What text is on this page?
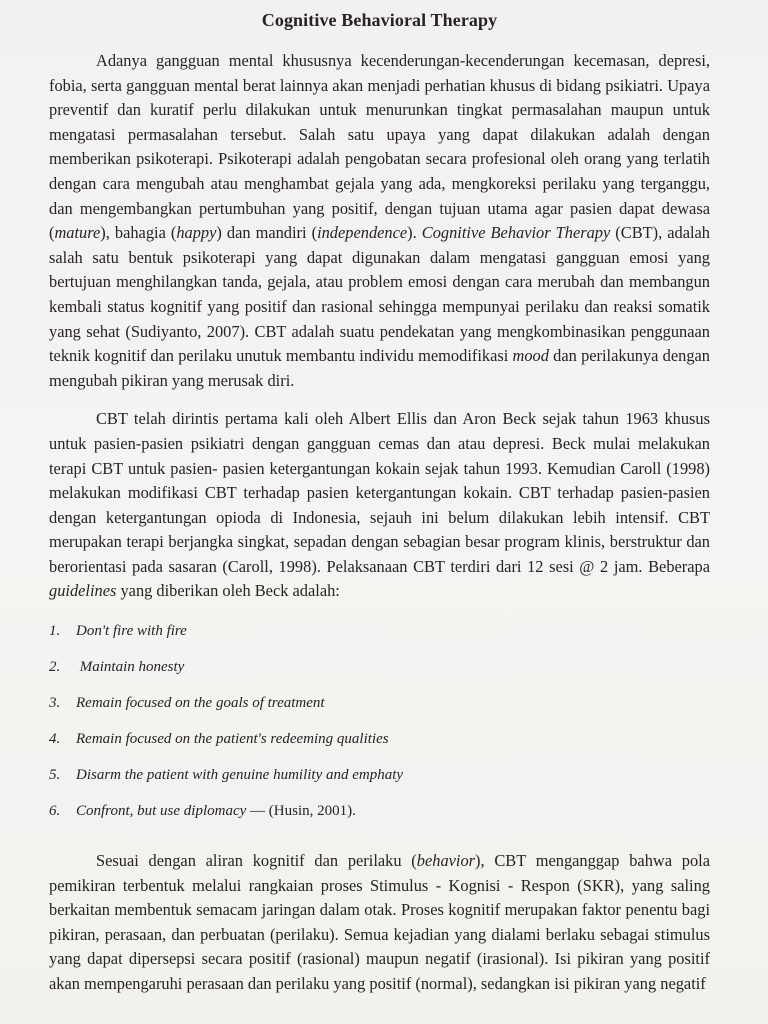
Cognitive Behavioral Therapy

Adanya gangguan mental khususnya kecenderungan-kecenderungan kecemasan, depresi, fobia, serta gangguan mental berat lainnya akan menjadi perhatian khusus di bidang psikiatri. Upaya preventif dan kuratif perlu dilakukan untuk menurunkan tingkat permasalahan maupun untuk mengatasi permasalahan tersebut. Salah satu upaya yang dapat dilakukan adalah dengan memberikan psikoterapi. Psikoterapi adalah pengobatan secara profesional oleh orang yang terlatih dengan cara mengubah atau menghambat gejala yang ada, mengkoreksi perilaku yang terganggu, dan mengembangkan pertumbuhan yang positif, dengan tujuan utama agar pasien dapat dewasa (mature), bahagia (happy) dan mandiri (independence). Cognitive Behavior Therapy (CBT), adalah salah satu bentuk psikoterapi yang dapat digunakan dalam mengatasi gangguan emosi yang bertujuan menghilangkan tanda, gejala, atau problem emosi dengan cara merubah dan membangun kembali status kognitif yang positif dan rasional sehingga mempunyai perilaku dan reaksi somatik yang sehat (Sudiyanto, 2007). CBT adalah suatu pendekatan yang mengkombinasikan penggunaan teknik kognitif dan perilaku unutuk membantu individu memodifikasi mood dan perilakunya dengan mengubah pikiran yang merusak diri.

CBT telah dirintis pertama kali oleh Albert Ellis dan Aron Beck sejak tahun 1963 khusus untuk pasien-pasien psikiatri dengan gangguan cemas dan atau depresi. Beck mulai melakukan terapi CBT untuk pasien- pasien ketergantungan kokain sejak tahun 1993. Kemudian Caroll (1998) melakukan modifikasi CBT terhadap pasien ketergantungan kokain. CBT terhadap pasien-pasien dengan ketergantungan opioda di Indonesia, sejauh ini belum dilakukan lebih intensif. CBT merupakan terapi berjangka singkat, sepadan dengan sebagian besar program klinis, berstruktur dan berorientasi pada sasaran (Caroll, 1998). Pelaksanaan CBT terdiri dari 12 sesi @ 2 jam. Beberapa guidelines yang diberikan oleh Beck adalah:

1. Don't fire with fire
2. Maintain honesty
3. Remain focused on the goals of treatment
4. Remain focused on the patient's redeeming qualities
5. Disarm the patient with genuine humility and emphaty
6. Confront, but use diplomacy –– (Husin, 2001).

Sesuai dengan aliran kognitif dan perilaku (behavior), CBT menganggap bahwa pola pemikiran terbentuk melalui rangkaian proses Stimulus - Kognisi - Respon (SKR), yang saling berkaitan membentuk semacam jaringan dalam otak. Proses kognitif merupakan faktor penentu bagi pikiran, perasaan, dan perbuatan (perilaku). Semua kejadian yang dialami berlaku sebagai stimulus yang dapat dipersepsi secara positif (rasional) maupun negatif (irasional). Isi pikiran yang positif akan mempengaruhi perasaan dan perilaku yang positif (normal), sedangkan isi pikiran yang negatif
